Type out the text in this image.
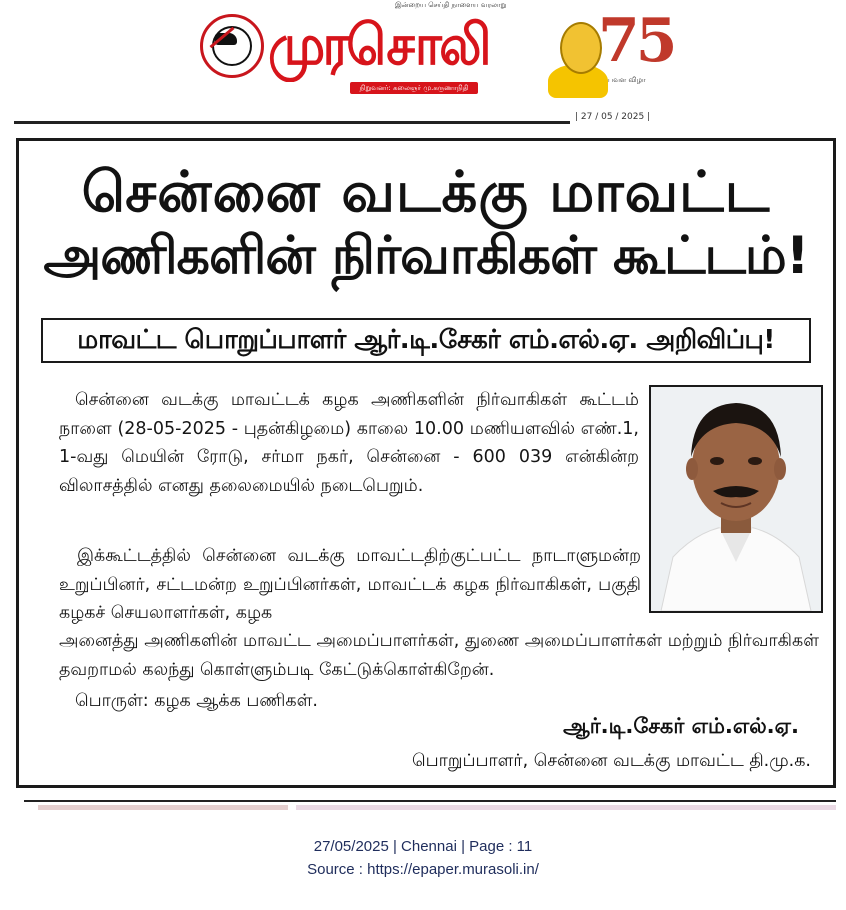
இன்றைய செய்தி நாளைய வரலாறு
முரசொலி
நிறுவனர்: கலைஞர் மு.கருணாநிதி
75
பவள விழா
| 27 / 05 / 2025 |
சென்னை வடக்கு மாவட்ட
அணிகளின் நிர்வாகிகள் கூட்டம்!
மாவட்ட பொறுப்பாளர் ஆர்.டி.சேகர் எம்.எல்.ஏ. அறிவிப்பு!
சென்னை வடக்கு மாவட்டக் கழக அணிகளின் நிர்வாகிகள் கூட்டம் நாளை (28-05-2025 - புதன்கிழமை) காலை 10.00 மணியளவில் எண்.1, 1-வது மெயின் ரோடு, சர்மா நகர், சென்னை - 600 039 என்கின்ற விலாசத்தில் எனது தலைமையில் நடைபெறும்.
இக்கூட்டத்தில் சென்னை வடக்கு மாவட்டதிற்குட்பட்ட நாடாளுமன்ற உறுப்பினர், சட்டமன்ற உறுப்பினர்கள், மாவட்டக் கழக நிர்வாகிகள், பகுதி கழகச் செயலாளர்கள், கழக
அனைத்து அணிகளின் மாவட்ட அமைப்பாளர்கள், துணை அமைப்பாளர்கள் மற்றும் நிர்வாகிகள் தவறாமல் கலந்து கொள்ளும்படி கேட்டுக்கொள்கிறேன்.
பொருள்: கழக ஆக்க பணிகள்.
ஆர்.டி.சேகர் எம்.எல்.ஏ.
பொறுப்பாளர், சென்னை வடக்கு மாவட்ட தி.மு.க.
27/05/2025 | Chennai | Page : 11
Source : https://epaper.murasoli.in/
